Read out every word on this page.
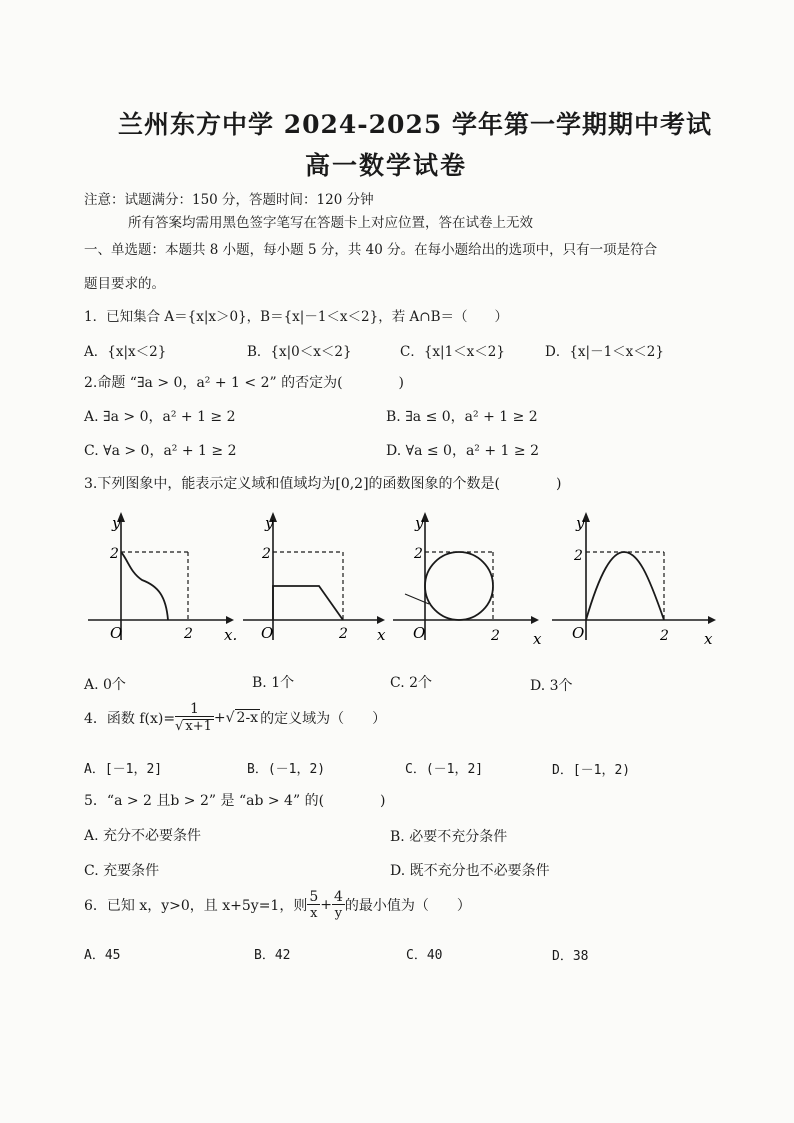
兰州东方中学 2024-2025 学年第一学期期中考试
高一数学试卷
注意：试题满分：150 分，答题时间：120 分钟
所有答案均需用黑色签字笔写在答题卡上对应位置，答在试卷上无效
一、单选题：本题共 8 小题，每小题 5 分，共 40 分。在每小题给出的选项中，只有一项是符合
题目要求的。
1．已知集合 A＝{x|x＞0}，B＝{x|－1＜x＜2}，若 A∩B＝（　　）
A．{x|x＜2}	B．{x|0＜x＜2}	C．{x|1＜x＜2}	D．{x|－1＜x＜2}
2.命题 “∃a > 0，a² + 1 < 2” 的否定为(　　　　)
A. ∃a > 0，a² + 1 ≥ 2	B. ∃a ≤ 0，a² + 1 ≥ 2
C. ∀a > 0，a² + 1 ≥ 2	D. ∀a ≤ 0，a² + 1 ≥ 2
3.下列图象中，能表示定义域和值域均为[0,2]的函数图象的个数是(　　　　)
y
2
O	2 x.
y
2
O	2 x
y
2
O	2 x
y
2
O	2 x
A. 0个	B. 1个	C. 2个	D. 3个
4．函数 $f(x)= \frac{1}{√ x+1}$ + √ 2-x 的定义域为（　　）
A．[－1，2]	B．(－1，2)	C．(－1，2]	D．[－1，2)
5．“a > 2 且b > 2” 是 “ab > 4” 的(　　　　)
A. 充分不必要条件	B. 必要不充分条件
C. 充要条件	D. 既不充分也不必要条件
6．已知 x，y>0，且 x+5y=1，则 $\frac{5}{x} + \frac{4}{y}$ 的最小值为（　　）
A．45	B．42	C．40	D．38
